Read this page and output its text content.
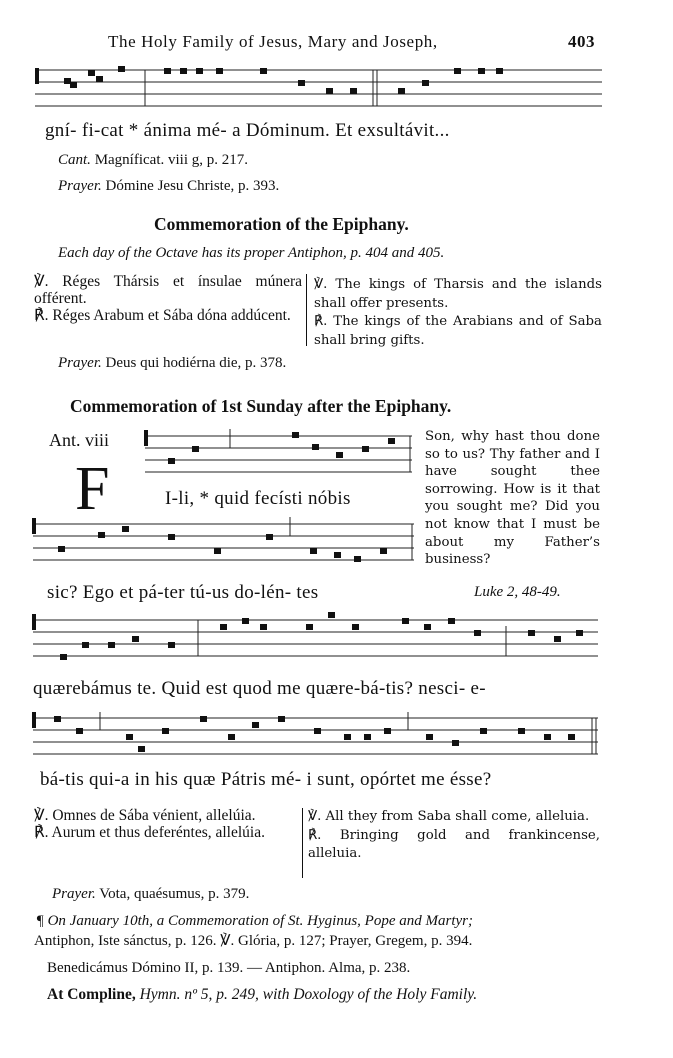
The Holy Family of Jesus, Mary and Joseph,	403
gní- fi-cat * ánima mé- a Dóminum. Et exsultávit...
Cant. Magníficat. viii g, p. 217.
Prayer. Dómine Jesu Christe, p. 393.
Commemoration of the Epiphany.
Each day of the Octave has its proper Antiphon, p. 404 and 405.
℣. Réges Thársis et ínsulae múnera offérent.
℟. Réges Arabum et Sába dóna addúcent.
℣. The kings of Tharsis and the islands shall offer presents.
℟. The kings of the Arabians and of Saba shall bring gifts.
Prayer. Deus qui hodiérna die, p. 378.
Commemoration of 1st Sunday after the Epiphany.
Ant. viii
F	I-li, * quid fecísti nóbis
Son, why hast thou done so to us? Thy father and I have sought thee sorrowing. How is it that you sought me? Did you not know that I must be about my Father’s business?
Luke 2, 48-49.
sic? Ego et pá-ter tú-us do-lén- tes
quærebámus te. Quid est quod me quære-bá-tis? nesci- e-
bá-tis qui-a in his quæ Pátris mé- i sunt, opórtet me ésse?
℣. Omnes de Sába vénient, allelúia.
℟. Aurum et thus deferéntes, allelúia.
℣. All they from Saba shall come, alleluia.
℟. Bringing gold and frankincense, alleluia.
Prayer. Vota, quaésumus, p. 379.
¶ On January 10th, a Commemoration of St. Hyginus, Pope and Martyr;
Antiphon, Iste sánctus, p. 126. ℣. Glória, p. 127; Prayer, Gregem, p. 394.
Benedicámus Dómino II, p. 139. — Antiphon. Alma, p. 238.
At Compline, Hymn. nº 5, p. 249, with Doxology of the Holy Family.
